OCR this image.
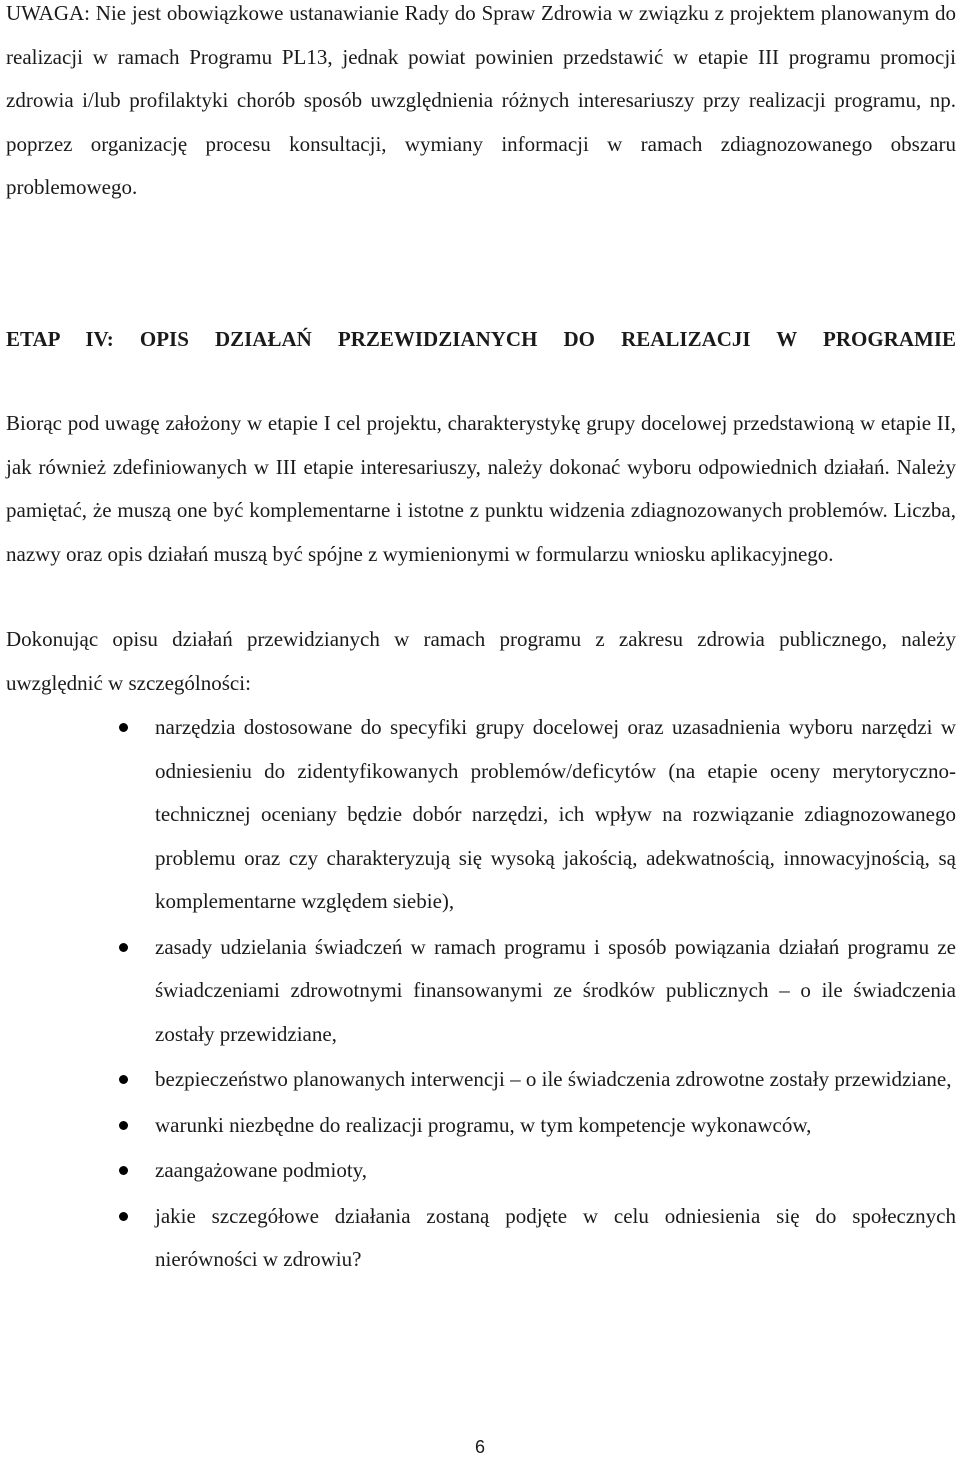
UWAGA: Nie jest obowiązkowe ustanawianie Rady do Spraw Zdrowia w związku z projektem planowanym do realizacji w ramach Programu PL13, jednak powiat powinien przedstawić w etapie III programu promocji zdrowia i/lub profilaktyki chorób sposób uwzględnienia różnych interesariuszy przy realizacji programu, np. poprzez organizację procesu konsultacji, wymiany informacji w ramach zdiagnozowanego obszaru problemowego.

ETAP IV: OPIS DZIAŁAŃ PRZEWIDZIANYCH DO REALIZACJI W PROGRAMIE

Biorąc pod uwagę założony w etapie I cel projektu, charakterystykę grupy docelowej przedstawioną w etapie II, jak również zdefiniowanych w III etapie interesariuszy, należy dokonać wyboru odpowiednich działań. Należy pamiętać, że muszą one być komplementarne i istotne z punktu widzenia zdiagnozowanych problemów. Liczba, nazwy oraz opis działań muszą być spójne z wymienionymi w formularzu wniosku aplikacyjnego.

Dokonując opisu działań przewidzianych w ramach programu z zakresu zdrowia publicznego, należy uwzględnić w szczególności:

narzędzia dostosowane do specyfiki grupy docelowej oraz uzasadnienia wyboru narzędzi w odniesieniu do zidentyfikowanych problemów/deficytów (na etapie oceny merytoryczno-technicznej oceniany będzie dobór narzędzi, ich wpływ na rozwiązanie zdiagnozowanego problemu oraz czy charakteryzują się wysoką jakością, adekwatnością, innowacyjnością, są komplementarne względem siebie),
zasady udzielania świadczeń w ramach programu i sposób powiązania działań programu ze świadczeniami zdrowotnymi finansowanymi ze środków publicznych – o ile świadczenia zostały przewidziane,
bezpieczeństwo planowanych interwencji – o ile świadczenia zdrowotne zostały przewidziane,
warunki niezbędne do realizacji programu, w tym kompetencje wykonawców,
zaangażowane podmioty,
jakie szczegółowe działania zostaną podjęte w celu odniesienia się do społecznych nierówności w zdrowiu?
6
